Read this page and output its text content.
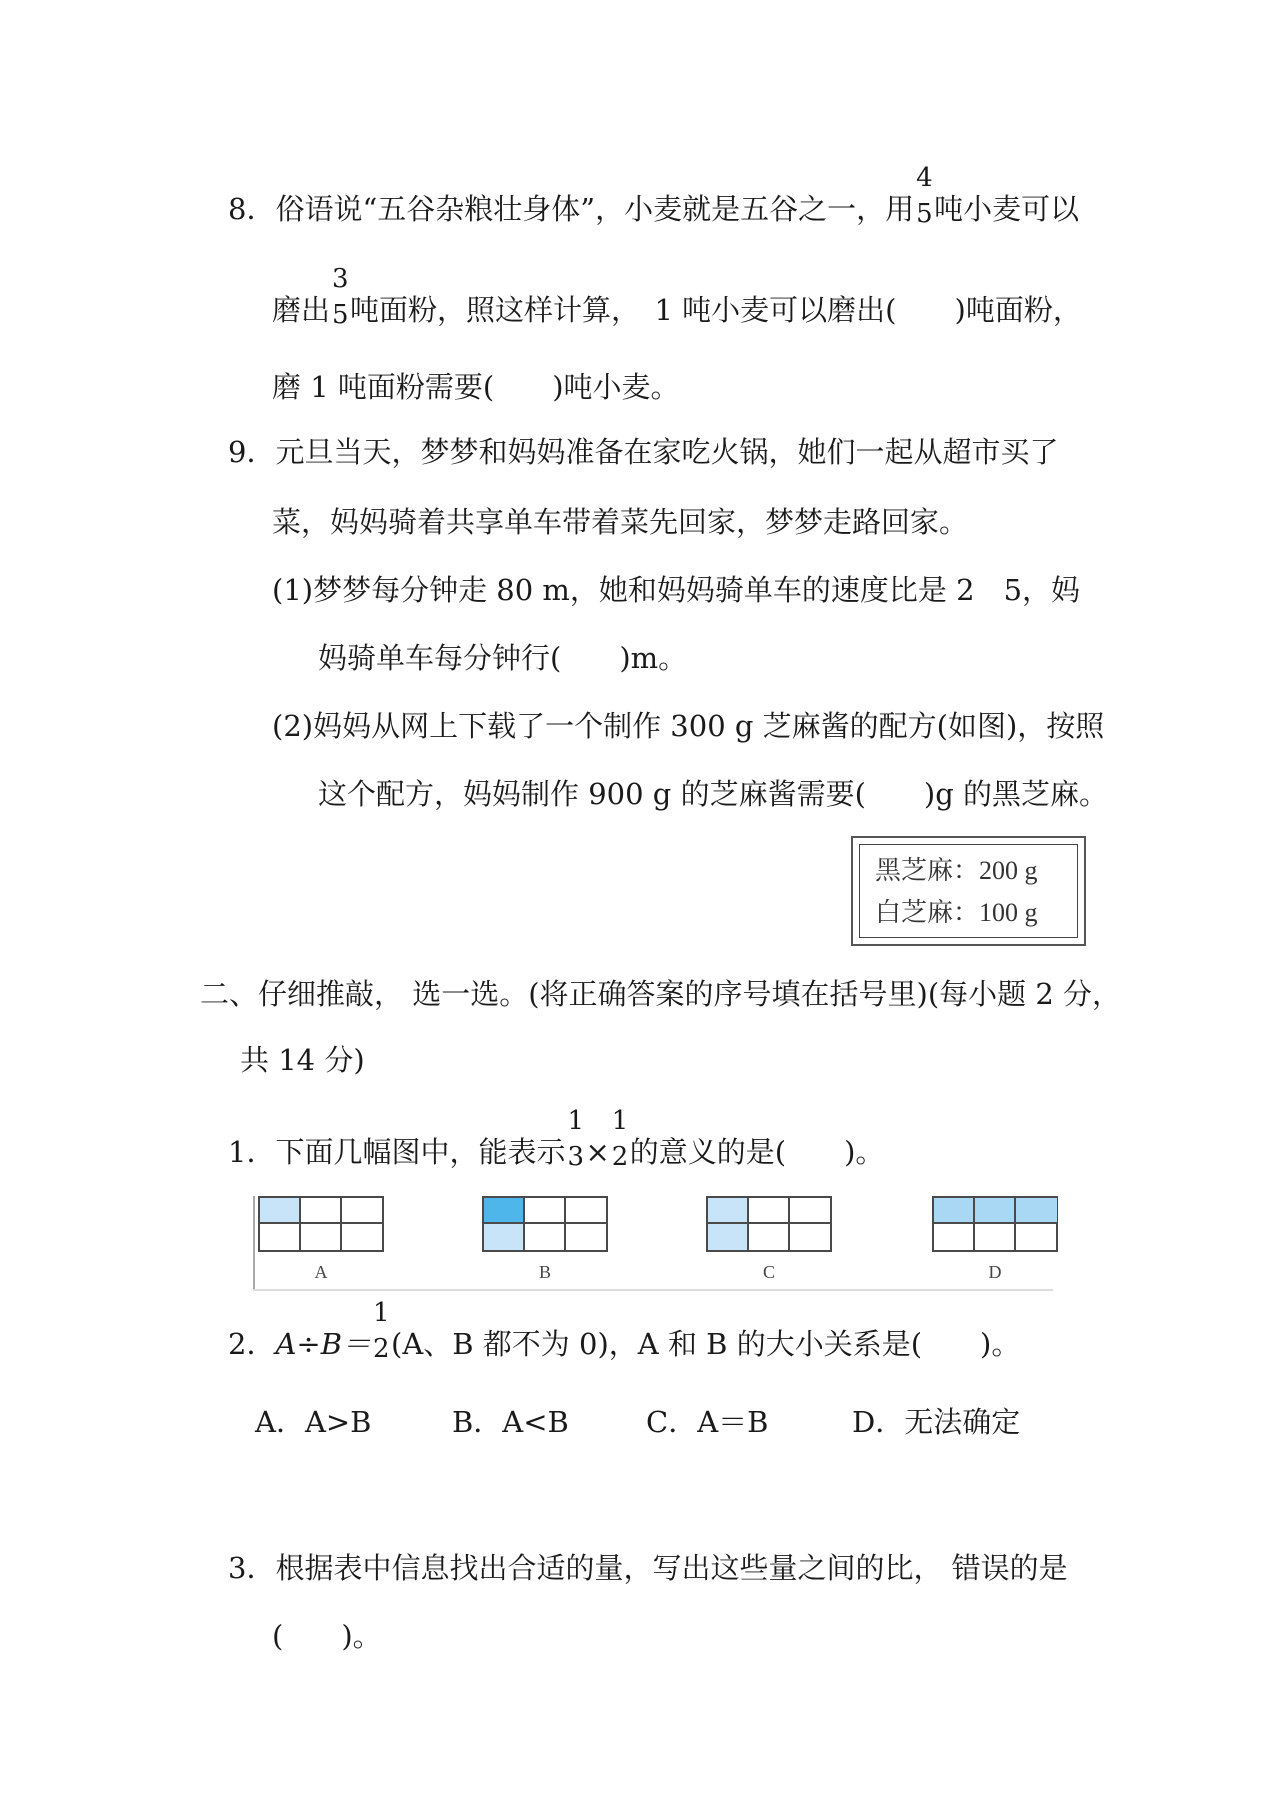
8．俗语说“五谷杂粮壮身体”，小麦就是五谷之一，用
4
5 吨小麦可以
磨出
3
5 吨面粉，照这样计算，　1 吨小麦可以磨出(　　)吨面粉，
磨 1 吨面粉需要(　　)吨小麦。
9．元旦当天，梦梦和妈妈准备在家吃火锅，她们一起从超市买了
菜，妈妈骑着共享单车带着菜先回家，梦梦走路回家。
(1)梦梦每分钟走 80 m，她和妈妈骑单车的速度比是 2　5，妈
妈骑单车每分钟行(　　)m。
(2)妈妈从网上下载了一个制作 300 g 芝麻酱的配方(如图)，按照
这个配方，妈妈制作 900 g 的芝麻酱需要(　　)g 的黑芝麻。
黑芝麻：200 g
白芝麻：100 g
二、仔细推敲， 选一选。(将正确答案的序号填在括号里)(每小题 2 分，
共 14 分)
1．下面几幅图中，能表示
1
3 ×
1
2 的意义的是(　　)。
A	B	C	D
2．A÷B＝
1
2 (A、B 都不为 0)，A 和 B 的大小关系是(　　)。
A．A>B	B．A<B	C．A＝B	D．无法确定
3．根据表中信息找出合适的量，写出这些量之间的比， 错误的是
(　　)。
